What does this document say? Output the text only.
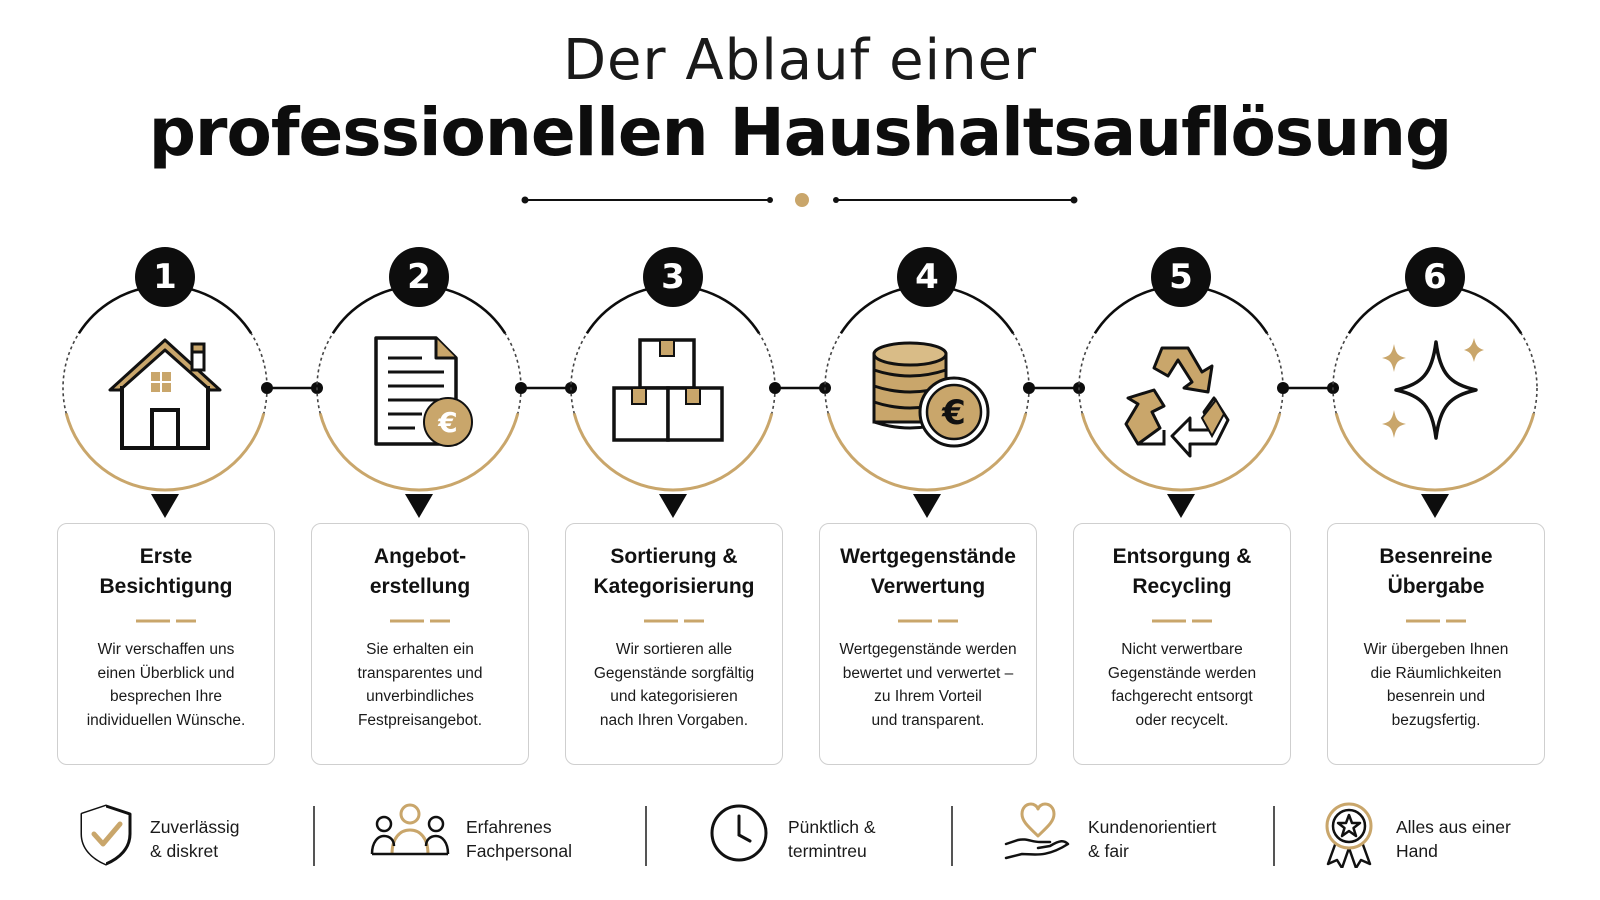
Der Ablauf einer
professionellen Haushaltsauflösung
1	2	3	4	5	6
€	€
Erste
Besichtigung
Wir verschaffen uns
einen Überblick und
besprechen Ihre
individuellen Wünsche.
Angebot-
erstellung
Sie erhalten ein
transparentes und
unverbindliches
Festpreisangebot.
Sortierung &
Kategorisierung
Wir sortieren alle
Gegenstände sorgfältig
und kategorisieren
nach Ihren Vorgaben.
Wertgegenstände
Verwertung
Wertgegenstände werden
bewertet und verwertet –
zu Ihrem Vorteil
und transparent.
Entsorgung &
Recycling
Nicht verwertbare
Gegenstände werden
fachgerecht entsorgt
oder recycelt.
Besenreine
Übergabe
Wir übergeben Ihnen
die Räumlichkeiten
besenrein und
bezugsfertig.
Zuverlässig
& diskret
Erfahrenes
Fachpersonal
Pünktlich &
termintreu
Kundenorientiert
& fair
Alles aus einer
Hand
